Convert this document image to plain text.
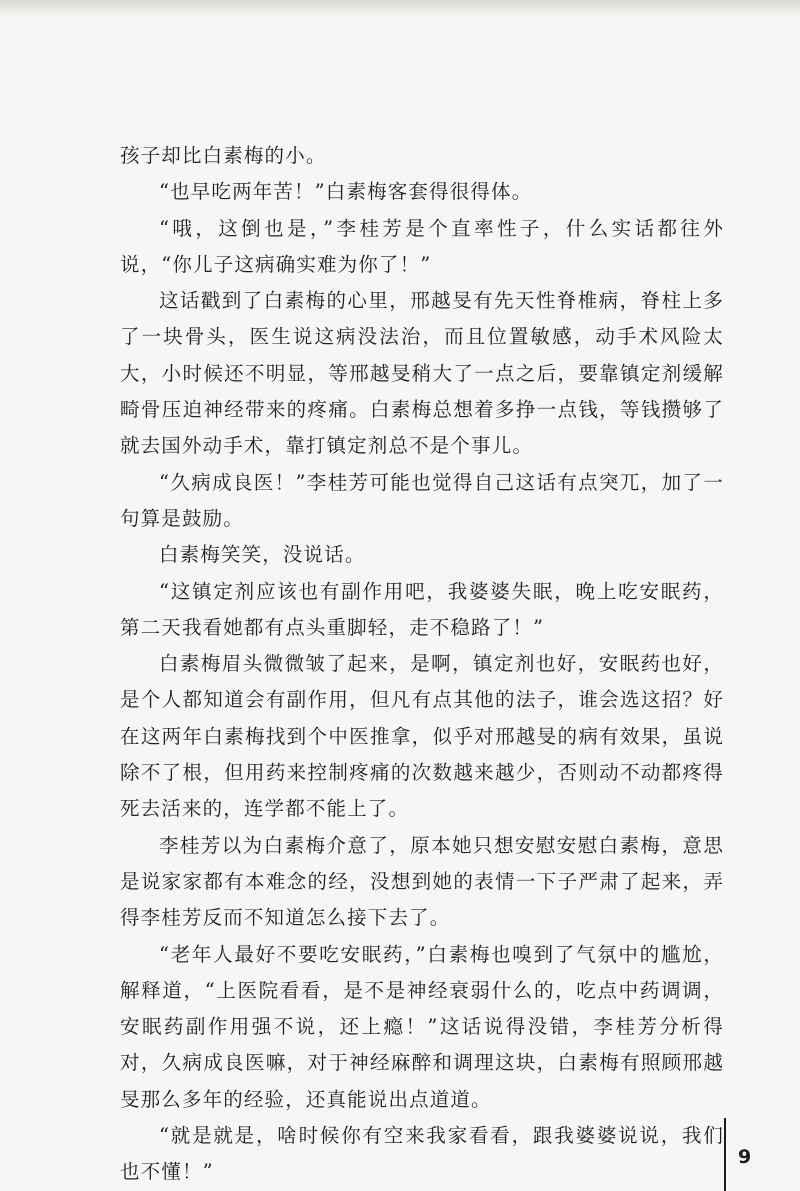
孩子却比白素梅的小。

“也早吃两年苦！”白素梅客套得很得体。

“哦，这倒也是，”李桂芳是个直率性子，什么实话都往外说，“你儿子这病确实难为你了！”

这话戳到了白素梅的心里，邢越旻有先天性脊椎病，脊柱上多了一块骨头，医生说这病没法治，而且位置敏感，动手术风险太大，小时候还不明显，等邢越旻稍大了一点之后，要靠镇定剂缓解畸骨压迫神经带来的疼痛。白素梅总想着多挣一点钱，等钱攒够了就去国外动手术，靠打镇定剂总不是个事儿。

“久病成良医！”李桂芳可能也觉得自己这话有点突兀，加了一句算是鼓励。

白素梅笑笑，没说话。

“这镇定剂应该也有副作用吧，我婆婆失眠，晚上吃安眠药，第二天我看她都有点头重脚轻，走不稳路了！”

白素梅眉头微微皱了起来，是啊，镇定剂也好，安眠药也好，是个人都知道会有副作用，但凡有点其他的法子，谁会选这招？好在这两年白素梅找到个中医推拿，似乎对邢越旻的病有效果，虽说除不了根，但用药来控制疼痛的次数越来越少，否则动不动都疼得死去活来的，连学都不能上了。

李桂芳以为白素梅介意了，原本她只想安慰安慰白素梅，意思是说家家都有本难念的经，没想到她的表情一下子严肃了起来，弄得李桂芳反而不知道怎么接下去了。

“老年人最好不要吃安眠药，”白素梅也嗅到了气氛中的尴尬，解释道，“上医院看看，是不是神经衰弱什么的，吃点中药调调，安眠药副作用强不说，还上瘾！”这话说得没错，李桂芳分析得对，久病成良医嘛，对于神经麻醉和调理这块，白素梅有照顾邢越旻那么多年的经验，还真能说出点道道。

“就是就是，啥时候你有空来我家看看，跟我婆婆说说，我们也不懂！”

9
